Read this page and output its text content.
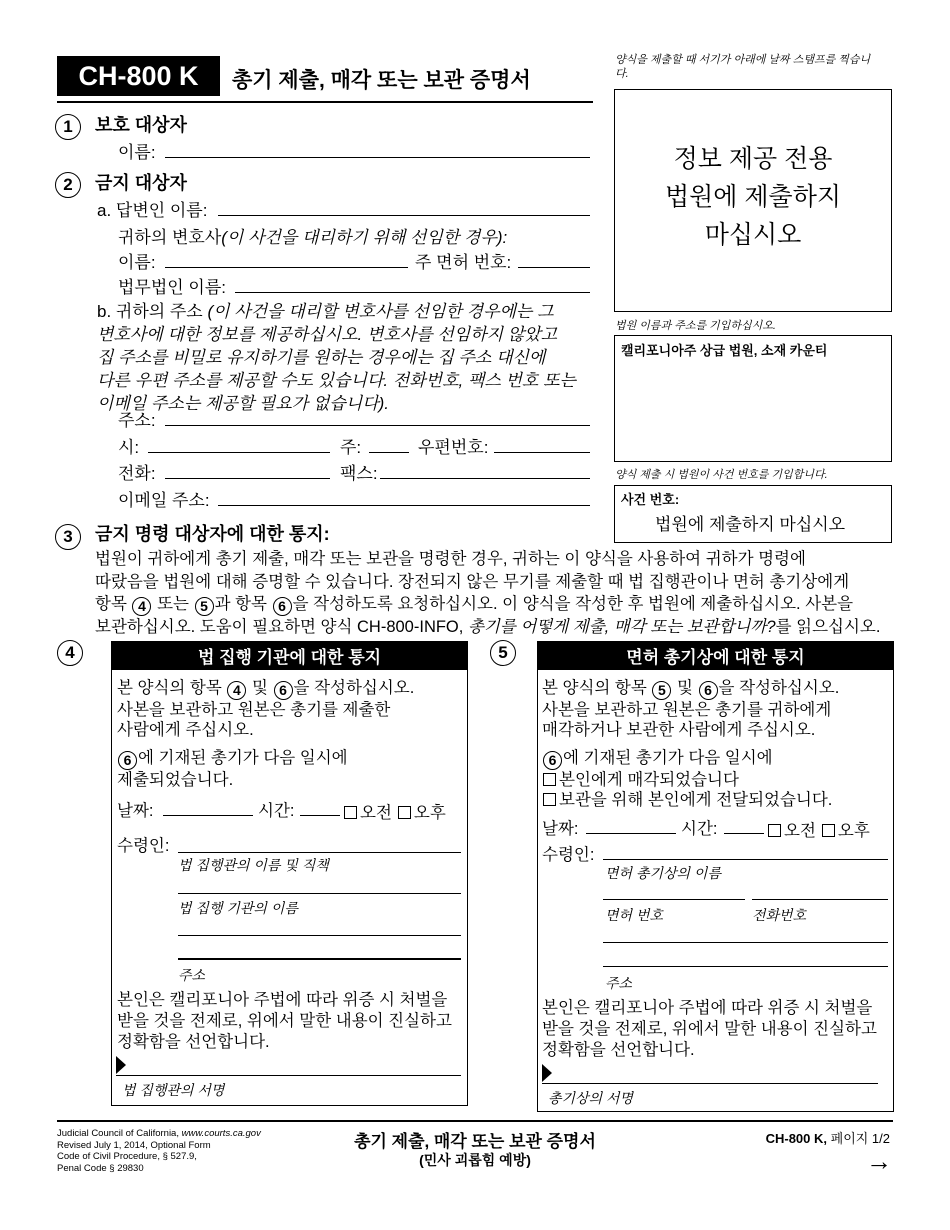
CH-800 K 총기 제출, 매각 또는 보관 증명서
양식을 제출할 때 서기가 아래에 날짜 스탬프를 찍습니다.
정보 제공 전용
법원에 제출하지
마십시오
법원 이름과 주소를 기입하십시오.
캘리포니아주 상급 법원, 소재 카운티
양식 제출 시 법원이 사건 번호를 기입합니다.
사건 번호:
법원에 제출하지 마십시오
1	보호 대상자
이름:
2	금지 대상자
a. 답변인 이름:
귀하의 변호사(이 사건을 대리하기 위해 선임한 경우):
이름:	주 면허 번호:
법무법인 이름:
b. 귀하의 주소 (이 사건을 대리할 변호사를 선임한 경우에는 그
변호사에 대한 정보를 제공하십시오. 변호사를 선임하지 않았고
집 주소를 비밀로 유지하기를 원하는 경우에는 집 주소 대신에
다른 우편 주소를 제공할 수도 있습니다. 전화번호, 팩스 번호 또는
이메일 주소는 제공할 필요가 없습니다).
주소:
시:	주:	우편번호:
전화:	팩스:
이메일 주소:
3	금지 명령 대상자에 대한 통지:
법원이 귀하에게 총기 제출, 매각 또는 보관을 명령한 경우, 귀하는 이 양식을 사용하여 귀하가 명령에
따랐음을 법원에 대해 증명할 수 있습니다. 장전되지 않은 무기를 제출할 때 법 집행관이나 면허 총기상에게
항목 4 또는 5 과 항목 6 을 작성하도록 요청하십시오. 이 양식을 작성한 후 법원에 제출하십시오. 사본을
보관하십시오. 도움이 필요하면 양식 CH-800-INFO, 총기를 어떻게 제출, 매각 또는 보관합니까?를 읽으십시오.
4	법 집행 기관에 대한 통지
본 양식의 항목 4 및 6 을 작성하십시오.
사본을 보관하고 원본은 총기를 제출한
사람에게 주십시오.
6 에 기재된 총기가 다음 일시에
제출되었습니다.
날짜:	시간:	오전 오후
수령인:
법 집행관의 이름 및 직책
법 집행 기관의 이름
주소
본인은 캘리포니아 주법에 따라 위증 시 처벌을
받을 것을 전제로, 위에서 말한 내용이 진실하고
정확함을 선언합니다.
법 집행관의 서명
5	면허 총기상에 대한 통지
본 양식의 항목 5 및 6 을 작성하십시오.
사본을 보관하고 원본은 총기를 귀하에게
매각하거나 보관한 사람에게 주십시오.
6 에 기재된 총기가 다음 일시에
본인에게 매각되었습니다
보관을 위해 본인에게 전달되었습니다.
날짜:	시간:	오전 오후
수령인:
면허 총기상의 이름
면허 번호	전화번호
주소
본인은 캘리포니아 주법에 따라 위증 시 처벌을
받을 것을 전제로, 위에서 말한 내용이 진실하고
정확함을 선언합니다.
총기상의 서명
Judicial Council of California, www.courts.ca.gov
Revised July 1, 2014, Optional Form
Code of Civil Procedure, § 527.9,
Penal Code § 29830
총기 제출, 매각 또는 보관 증명서
(민사 괴롭힘 예방)
CH-800 K, 페이지 1/2
→
